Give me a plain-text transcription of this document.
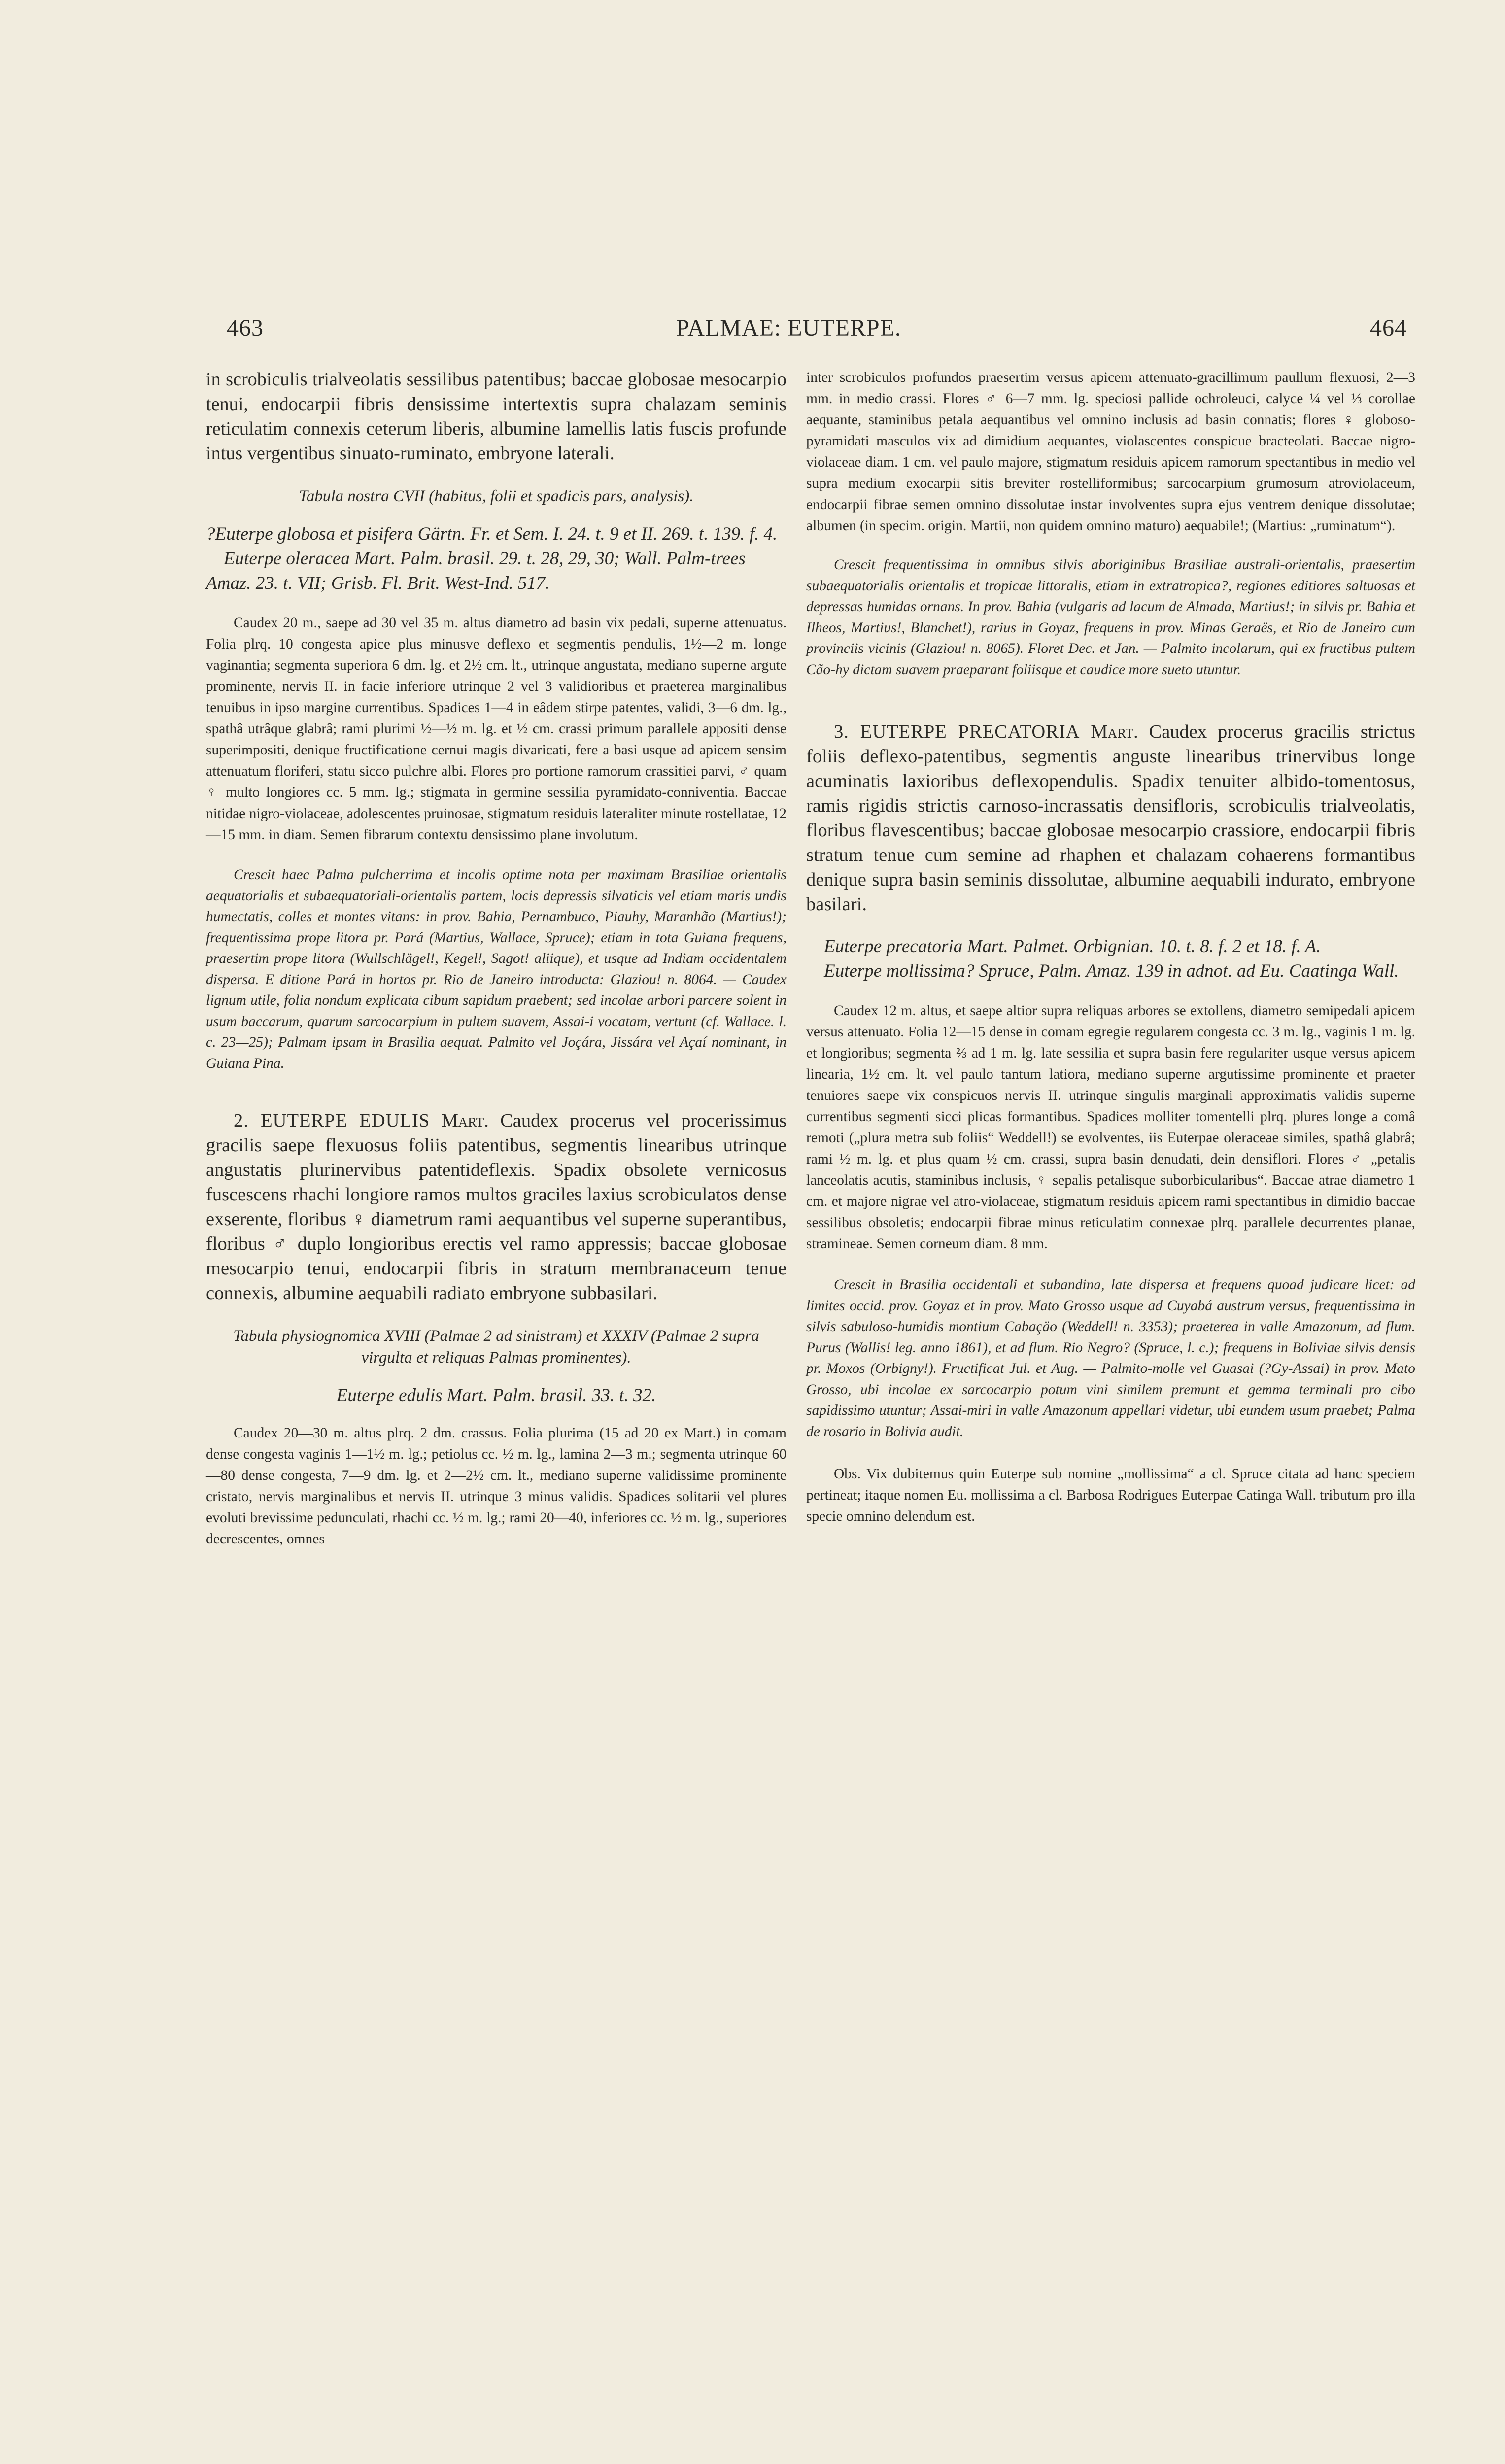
463	PALMAE: EUTERPE.	464

in scrobiculis trialveolatis sessilibus patentibus; baccae globosae mesocarpio tenui, endocarpii fibris densissime intertextis supra chalazam seminis reticulatim connexis ceterum liberis, albumine lamellis latis fuscis profunde intus vergentibus sinuato-ruminato, embryone laterali.

Tabula nostra CVII (habitus, folii et spadicis pars, analysis).

?Euterpe globosa et pisifera Gärtn. Fr. et Sem. I. 24. t. 9 et II. 269. t. 139. f. 4.

Euterpe oleracea Mart. Palm. brasil. 29. t. 28, 29, 30; Wall. Palm-trees Amaz. 23. t. VII; Grisb. Fl. Brit. West-Ind. 517.

Caudex 20 m., saepe ad 30 vel 35 m. altus diametro ad basin vix pedali, superne attenuatus. Folia plrq. 10 congesta apice plus minusve deflexo et segmentis pendulis, 1½—2 m. longe vaginantia; segmenta superiora 6 dm. lg. et 2½ cm. lt., utrinque angustata, mediano superne argute prominente, nervis II. in facie inferiore utrinque 2 vel 3 validioribus et praeterea marginalibus tenuibus in ipso margine currentibus. Spadices 1—4 in eâdem stirpe patentes, validi, 3—6 dm. lg., spathâ utrâque glabrâ; rami plurimi ½—½ m. lg. et ½ cm. crassi primum parallele appositi dense superimpositi, denique fructificatione cernui magis divaricati, fere a basi usque ad apicem sensim attenuatum floriferi, statu sicco pulchre albi. Flores pro portione ramorum crassitiei parvi, ♂ quam ♀ multo longiores cc. 5 mm. lg.; stigmata in germine sessilia pyramidato-conniventia. Baccae nitidae nigro-violaceae, adolescentes pruinosae, stigmatum residuis lateraliter minute rostellatae, 12—15 mm. in diam. Semen fibrarum contextu densissimo plane involutum.

Crescit haec Palma pulcherrima et incolis optime nota per maximam Brasiliae orientalis aequatorialis et subaequatoriali-orientalis partem, locis depressis silvaticis vel etiam maris undis humectatis, colles et montes vitans: in prov. Bahia, Pernambuco, Piauhy, Maranhão (Martius!); frequentissima prope litora pr. Pará (Martius, Wallace, Spruce); etiam in tota Guiana frequens, praesertim prope litora (Wullschlägel!, Kegel!, Sagot! aliique), et usque ad Indiam occidentalem dispersa. E ditione Pará in hortos pr. Rio de Janeiro introducta: Glaziou! n. 8064. — Caudex lignum utile, folia nondum explicata cibum sapidum praebent; sed incolae arbori parcere solent in usum baccarum, quarum sarcocarpium in pultem suavem, Assai-i vocatam, vertunt (cf. Wallace. l. c. 23—25); Palmam ipsam in Brasilia aequat. Palmito vel Joçára, Jissára vel Açaí nominant, in Guiana Pina.

2. EUTERPE EDULIS Mart. Caudex procerus vel procerissimus gracilis saepe flexuosus foliis patentibus, segmentis linearibus utrinque angustatis plurinervibus patentideflexis. Spadix obsolete vernicosus fuscescens rhachi longiore ramos multos graciles laxius scrobiculatos dense exserente, floribus ♀ diametrum rami aequantibus vel superne superantibus, floribus ♂ duplo longioribus erectis vel ramo appressis; baccae globosae mesocarpio tenui, endocarpii fibris in stratum membranaceum tenue connexis, albumine aequabili radiato embryone subbasilari.

Tabula physiognomica XVIII (Palmae 2 ad sinistram) et XXXIV (Palmae 2 supra virgulta et reliquas Palmas prominentes).

Euterpe edulis Mart. Palm. brasil. 33. t. 32.

Caudex 20—30 m. altus plrq. 2 dm. crassus. Folia plurima (15 ad 20 ex Mart.) in comam dense congesta vaginis 1—1½ m. lg.; petiolus cc. ½ m. lg., lamina 2—3 m.; segmenta utrinque 60—80 dense congesta, 7—9 dm. lg. et 2—2½ cm. lt., mediano superne validissime prominente cristato, nervis marginalibus et nervis II. utrinque 3 minus validis. Spadices solitarii vel plures evoluti brevissime pedunculati, rhachi cc. ½ m. lg.; rami 20—40, inferiores cc. ½ m. lg., superiores decrescentes, omnes

inter scrobiculos profundos praesertim versus apicem attenuato-gracillimum paullum flexuosi, 2—3 mm. in medio crassi. Flores ♂ 6—7 mm. lg. speciosi pallide ochroleuci, calyce ¼ vel ⅓ corollae aequante, staminibus petala aequantibus vel omnino inclusis ad basin connatis; flores ♀ globoso-pyramidati masculos vix ad dimidium aequantes, violascentes conspicue bracteolati. Baccae nigro-violaceae diam. 1 cm. vel paulo majore, stigmatum residuis apicem ramorum spectantibus in medio vel supra medium exocarpii sitis breviter rostelliformibus; sarcocarpium grumosum atroviolaceum, endocarpii fibrae semen omnino dissolutae instar involventes supra ejus ventrem denique dissolutae; albumen (in specim. origin. Martii, non quidem omnino maturo) aequabile!; (Martius: „ruminatum“).

Crescit frequentissima in omnibus silvis aboriginibus Brasiliae australi-orientalis, praesertim subaequatorialis orientalis et tropicae littoralis, etiam in extratropica?, regiones editiores saltuosas et depressas humidas ornans. In prov. Bahia (vulgaris ad lacum de Almada, Martius!; in silvis pr. Bahia et Ilheos, Martius!, Blanchet!), rarius in Goyaz, frequens in prov. Minas Geraës, et Rio de Janeiro cum provinciis vicinis (Glaziou! n. 8065). Floret Dec. et Jan. — Palmito incolarum, qui ex fructibus pultem Cão-hy dictam suavem praeparant foliisque et caudice more sueto utuntur.

3. EUTERPE PRECATORIA Mart. Caudex procerus gracilis strictus foliis deflexo-patentibus, segmentis anguste linearibus trinervibus longe acuminatis laxioribus deflexopendulis. Spadix tenuiter albido-tomentosus, ramis rigidis strictis carnoso-incrassatis densifloris, scrobiculis trialveolatis, floribus flavescentibus; baccae globosae mesocarpio crassiore, endocarpii fibris stratum tenue cum semine ad rhaphen et chalazam cohaerens formantibus denique supra basin seminis dissolutae, albumine aequabili indurato, embryone basilari.

Euterpe precatoria Mart. Palmet. Orbignian. 10. t. 8. f. 2 et 18. f. A.

Euterpe mollissima? Spruce, Palm. Amaz. 139 in adnot. ad Eu. Caatinga Wall.

Caudex 12 m. altus, et saepe altior supra reliquas arbores se extollens, diametro semipedali apicem versus attenuato. Folia 12—15 dense in comam egregie regularem congesta cc. 3 m. lg., vaginis 1 m. lg. et longioribus; segmenta ⅔ ad 1 m. lg. late sessilia et supra basin fere regulariter usque versus apicem linearia, 1½ cm. lt. vel paulo tantum latiora, mediano superne argutissime prominente et praeter tenuiores saepe vix conspicuos nervis II. utrinque singulis marginali approximatis validis superne currentibus segmenti sicci plicas formantibus. Spadices molliter tomentelli plrq. plures longe a comâ remoti („plura metra sub foliis“ Weddell!) se evolventes, iis Euterpae oleraceae similes, spathâ glabrâ; rami ½ m. lg. et plus quam ½ cm. crassi, supra basin denudati, dein densiflori. Flores ♂ „petalis lanceolatis acutis, staminibus inclusis, ♀ sepalis petalisque suborbicularibus“. Baccae atrae diametro 1 cm. et majore nigrae vel atro-violaceae, stigmatum residuis apicem rami spectantibus in dimidio baccae sessilibus obsoletis; endocarpii fibrae minus reticulatim connexae plrq. parallele decurrentes planae, stramineae. Semen corneum diam. 8 mm.

Crescit in Brasilia occidentali et subandina, late dispersa et frequens quoad judicare licet: ad limites occid. prov. Goyaz et in prov. Mato Grosso usque ad Cuyabá austrum versus, frequentissima in silvis sabuloso-humidis montium Cabaçäo (Weddell! n. 3353); praeterea in valle Amazonum, ad flum. Purus (Wallis! leg. anno 1861), et ad flum. Rio Negro? (Spruce, l. c.); frequens in Boliviae silvis densis pr. Moxos (Orbigny!). Fructificat Jul. et Aug. — Palmito-molle vel Guasai (?Gy-Assai) in prov. Mato Grosso, ubi incolae ex sarcocarpio potum vini similem premunt et gemma terminali pro cibo sapidissimo utuntur; Assai-miri in valle Amazonum appellari videtur, ubi eundem usum praebet; Palma de rosario in Bolivia audit.

Obs. Vix dubitemus quin Euterpe sub nomine „mollissima“ a cl. Spruce citata ad hanc speciem pertineat; itaque nomen Eu. mollissima a cl. Barbosa Rodrigues Euterpae Catinga Wall. tributum pro illa specie omnino delendum est.
